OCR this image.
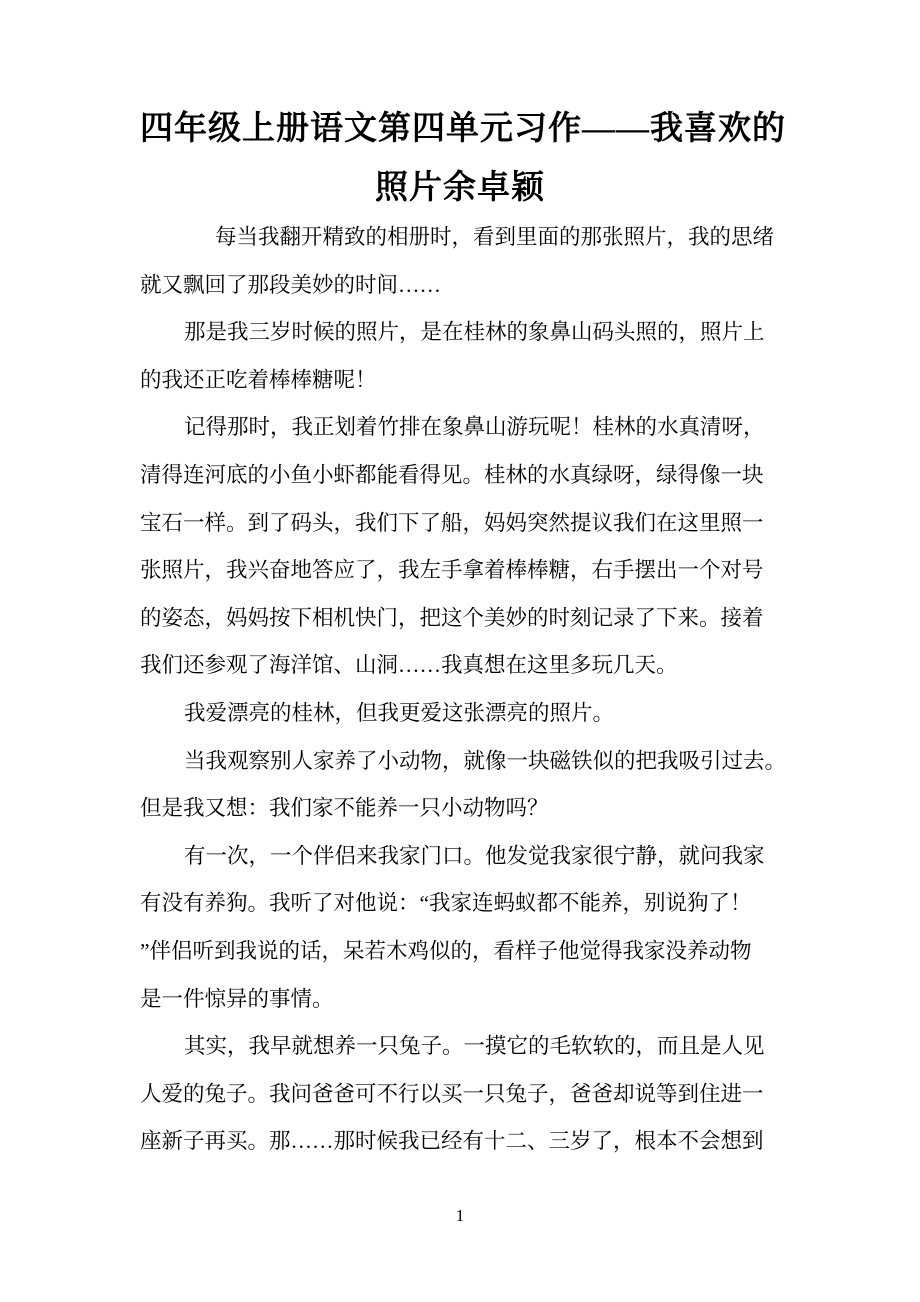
四年级上册语文第四单元习作——我喜欢的
照片余卓颖
每当我翻开精致的相册时，看到里面的那张照片，我的思绪
就又飘回了那段美妙的时间……
那是我三岁时候的照片，是在桂林的象鼻山码头照的，照片上
的我还正吃着棒棒糖呢！
记得那时，我正划着竹排在象鼻山游玩呢！桂林的水真清呀，
清得连河底的小鱼小虾都能看得见。桂林的水真绿呀，绿得像一块
宝石一样。到了码头，我们下了船，妈妈突然提议我们在这里照一
张照片，我兴奋地答应了，我左手拿着棒棒糖，右手摆出一个对号
的姿态，妈妈按下相机快门，把这个美妙的时刻记录了下来。接着
我们还参观了海洋馆、山洞……我真想在这里多玩几天。
我爱漂亮的桂林，但我更爱这张漂亮的照片。
当我观察别人家养了小动物，就像一块磁铁似的把我吸引过去。
但是我又想：我们家不能养一只小动物吗？
有一次，一个伴侣来我家门口。他发觉我家很宁静，就问我家
有没有养狗。我听了对他说：“我家连蚂蚁都不能养，别说狗了！
”伴侣听到我说的话，呆若木鸡似的，看样子他觉得我家没养动物
是一件惊异的事情。
其实，我早就想养一只兔子。一摸它的毛软软的，而且是人见
人爱的兔子。我问爸爸可不行以买一只兔子，爸爸却说等到住进一
座新子再买。那……那时候我已经有十二、三岁了，根本不会想到
1
